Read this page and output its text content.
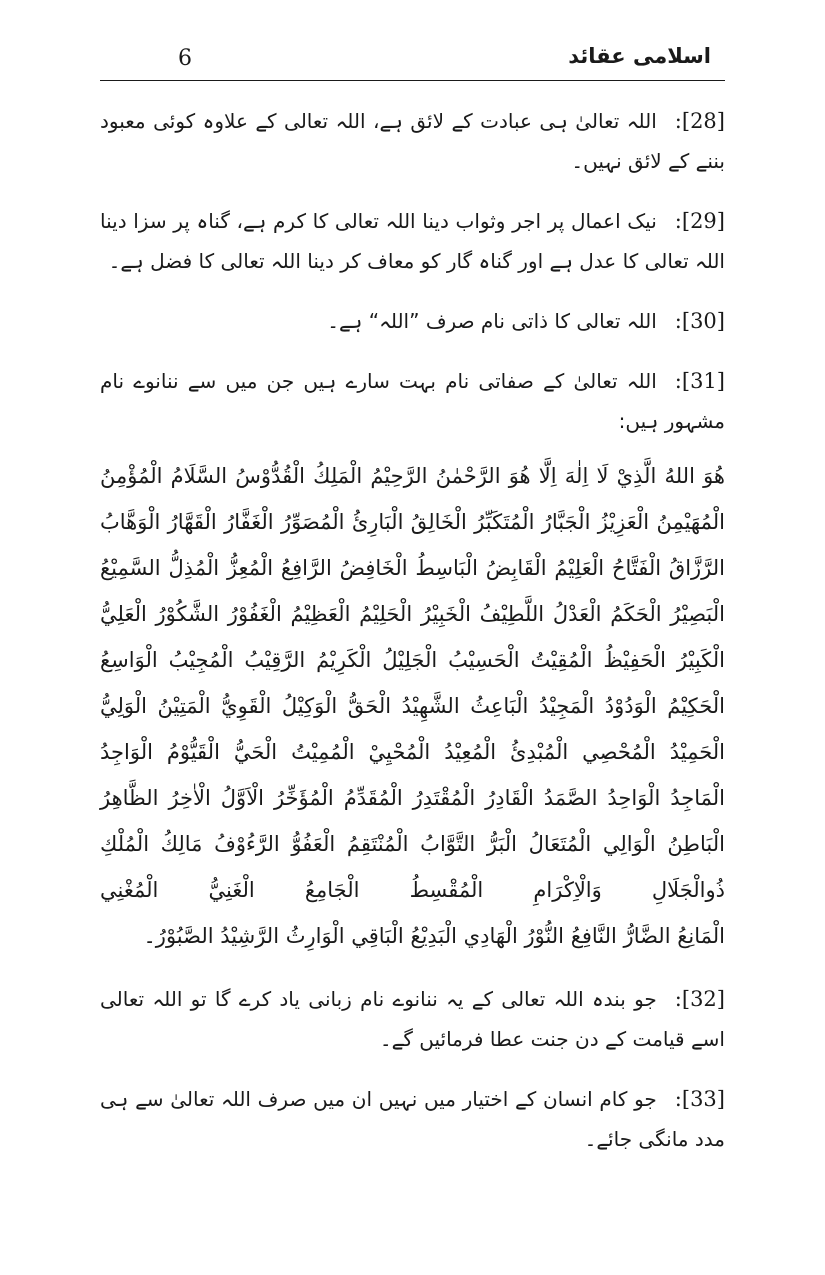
6	اسلامی عقائد

[28]:اللہ تعالیٰ ہی عبادت کے لائق ہے، اللہ تعالی کے علاوہ کوئی معبود بننے کے لائق نہیں۔

[29]:نیک اعمال پر اجر وثواب دینا اللہ تعالی کا کرم ہے، گناہ پر سزا دینا اللہ تعالی کا عدل ہے اور گناہ گار کو معاف کر دینا اللہ تعالی کا فضل ہے۔

[30]:اللہ تعالی کا ذاتی نام صرف ”اللہ“ ہے۔

[31]:اللہ تعالیٰ کے صفاتی نام بہت سارے ہیں جن میں سے ننانوے نام مشہور ہیں:

هُوَ اللهُ الَّذِيْ لَا اِلٰهَ اِلَّا هُوَ الرَّحْمٰنُ الرَّحِيْمُ الْمَلِكُ الْقُدُّوْسُ السَّلَامُ الْمُؤْمِنُ الْمُهَيْمِنُ الْعَزِيْزُ الْجَبَّارُ الْمُتَكَبِّرُ الْخَالِقُ الْبَارِئُ الْمُصَوِّرُ الْغَفَّارُ الْقَهَّارُ الْوَهَّابُ الرَّزَّاقُ الْفَتَّاحُ الْعَلِيْمُ الْقَابِضُ الْبَاسِطُ الْخَافِضُ الرَّافِعُ الْمُعِزُّ الْمُذِلُّ السَّمِيْعُ الْبَصِيْرُ الْحَكَمُ الْعَدْلُ اللَّطِيْفُ الْخَبِيْرُ الْحَلِيْمُ الْعَظِيْمُ الْغَفُوْرُ الشَّكُوْرُ الْعَلِيُّ الْكَبِيْرُ الْحَفِيْظُ الْمُقِيْتُ الْحَسِيْبُ الْجَلِيْلُ الْكَرِيْمُ الرَّقِيْبُ الْمُجِيْبُ الْوَاسِعُ الْحَكِيْمُ الْوَدُوْدُ الْمَجِيْدُ الْبَاعِثُ الشَّهِيْدُ الْحَقُّ الْوَكِيْلُ الْقَوِيُّ الْمَتِيْنُ الْوَلِيُّ الْحَمِيْدُ الْمُحْصِي الْمُبْدِئُ الْمُعِيْدُ الْمُحْيِيْ الْمُمِيْتُ الْحَيُّ الْقَيُّوْمُ الْوَاجِدُ الْمَاجِدُ الْوَاحِدُ الصَّمَدُ الْقَادِرُ الْمُقْتَدِرُ الْمُقَدِّمُ الْمُؤَخِّرُ الْاَوَّلُ الْاٰخِرُ الظَّاهِرُ الْبَاطِنُ الْوَالِي الْمُتَعَالُ الْبَرُّ التَّوَّابُ الْمُنْتَقِمُ الْعَفُوُّ الرَّءُوْفُ مَالِكُ الْمُلْكِ ذُوالْجَلَالِ وَالْاِكْرَامِ الْمُقْسِطُ الْجَامِعُ الْغَنِيُّ الْمُغْنِي
الْمَانِعُ الضَّارُّ النَّافِعُ النُّوْرُ الْهَادِي الْبَدِيْعُ الْبَاقِي الْوَارِثُ الرَّشِيْدُ الصَّبُوْرُ۔

[32]:جو بندہ اللہ تعالی کے یہ ننانوے نام زبانی یاد کرے گا تو اللہ تعالی اسے قیامت کے دن جنت عطا فرمائیں گے۔

[33]:جو کام انسان کے اختیار میں نہیں ان میں صرف اللہ تعالیٰ سے ہی مدد مانگی جائے۔
